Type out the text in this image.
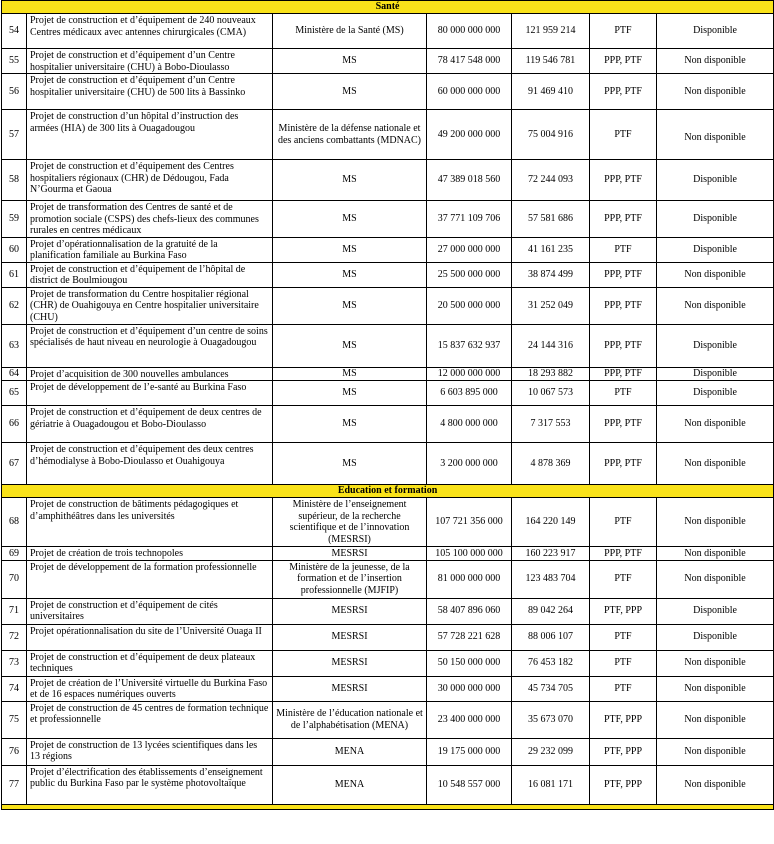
Santé						
54	Projet de construction et d’équipement de 240 nouveaux Centres médicaux avec antennes chirurgicales (CMA)	Ministère de la Santé (MS)	80 000 000 000	121 959 214	PTF	Disponible
55	Projet de construction et d’équipement d’un Centre hospitalier universitaire (CHU) à Bobo-Dioulasso	MS	78 417 548 000	119 546 781	PPP, PTF	Non disponible
56	Projet de construction et d’équipement d’un Centre hospitalier universitaire (CHU) de 500 lits à Bassinko	MS	60 000 000 000	91 469 410	PPP, PTF	Non disponible
57	Projet de construction d’un hôpital d’instruction des armées (HIA) de 300 lits à Ouagadougou	Ministère de la défense nationale et des anciens combattants (MDNAC)	49 200 000 000	75 004 916	PTF	Non disponible
58	Projet de construction et d’équipement des Centres hospitaliers régionaux (CHR) de Dédougou, Fada N’Gourma et Gaoua	MS	47 389 018 560	72 244 093	PPP, PTF	Disponible
59	Projet de transformation des Centres de santé et de promotion sociale (CSPS) des chefs-lieux des communes rurales en centres médicaux	MS	37 771 109 706	57 581 686	PPP, PTF	Disponible
60	Projet d’opérationnalisation de la gratuité de la planification familiale au Burkina Faso	MS	27 000 000 000	41 161 235	PTF	Disponible
61	Projet de construction et d’équipement de l’hôpital de district de Boulmiougou	MS	25 500 000 000	38 874 499	PPP, PTF	Non disponible
62	Projet de transformation du Centre hospitalier régional (CHR) de Ouahigouya en Centre hospitalier universitaire (CHU)	MS	20 500 000 000	31 252 049	PPP, PTF	Non disponible
63	Projet de construction et d’équipement d’un centre de soins spécialisés de haut niveau en neurologie à Ouagadougou	MS	15 837 632 937	24 144 316	PPP, PTF	Disponible
64	Projet d’acquisition de 300 nouvelles ambulances	MS	12 000 000 000	18 293 882	PPP, PTF	Disponible
65	Projet de développement de l’e-santé au Burkina Faso	MS	6 603 895 000	10 067 573	PTF	Disponible
66	Projet de construction et d’équipement de deux centres de gériatrie à Ouagadougou et Bobo-Dioulasso	MS	4 800 000 000	7 317 553	PPP, PTF	Non disponible
67	Projet de construction et d’équipement des deux centres d’hémodialyse à Bobo-Dioulasso et Ouahigouya	MS	3 200 000 000	4 878 369	PPP, PTF	Non disponible
Education et formation						
68	Projet de construction de bâtiments pédagogiques et d’amphithéâtres dans les universités	Ministère de l’enseignement supérieur, de la recherche scientifique et de l’innovation (MESRSI)	107 721 356 000	164 220 149	PTF	Non disponible
69	Projet de création de trois technopoles	MESRSI	105 100 000 000	160 223 917	PPP, PTF	Non disponible
70	Projet de développement de la formation professionnelle	Ministère de la jeunesse, de la formation et de l’insertion professionnelle (MJFIP)	81 000 000 000	123 483 704	PTF	Non disponible
71	Projet de construction et d’équipement de cités universitaires	MESRSI	58 407 896 060	89 042 264	PTF, PPP	Disponible
72	Projet opérationnalisation du site de l’Université Ouaga II	MESRSI	57 728 221 628	88 006 107	PTF	Disponible
73	Projet de construction et d’équipement de deux plateaux techniques	MESRSI	50 150 000 000	76 453 182	PTF	Non disponible
74	Projet de création de l’Université virtuelle du Burkina Faso et de 16 espaces numériques ouverts	MESRSI	30 000 000 000	45 734 705	PTF	Non disponible
75	Projet de construction de 45 centres de formation technique et professionnelle	Ministère de l’éducation nationale et de l’alphabétisation (MENA)	23 400 000 000	35 673 070	PTF, PPP	Non disponible
76	Projet de construction de 13 lycées scientifiques dans les 13 régions	MENA	19 175 000 000	29 232 099	PTF, PPP	Non disponible
77	Projet d’électrification des établissements d’enseignement public du Burkina Faso par le système photovoltaïque	MENA	10 548 557 000	16 081 171	PTF, PPP	Non disponible
